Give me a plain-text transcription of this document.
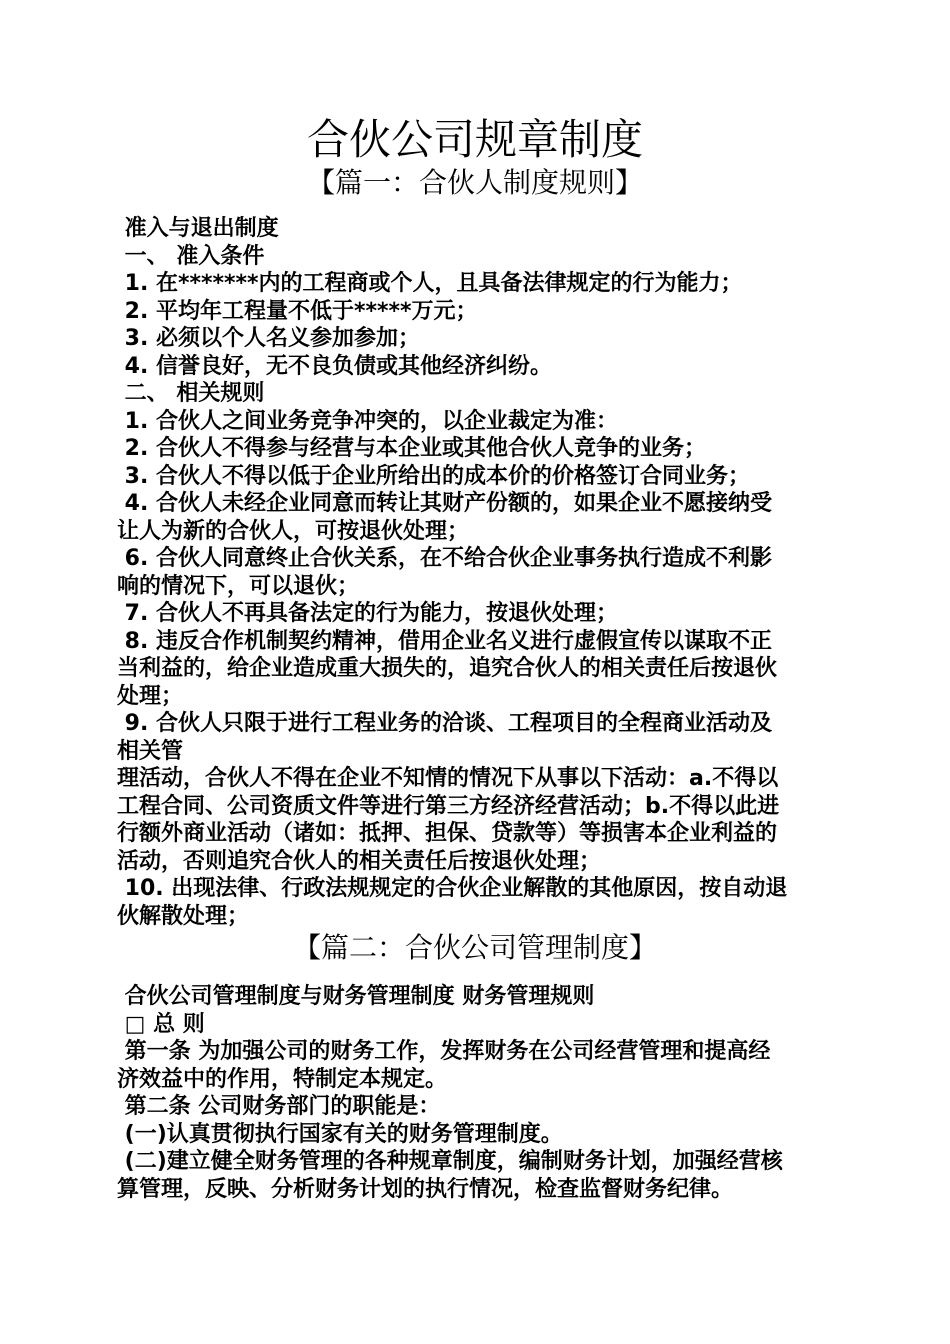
合伙公司规章制度
【篇一：合伙人制度规则】

准入与退出制度

一、 准入条件

1. 在*******内的工程商或个人，且具备法律规定的行为能力；

2. 平均年工程量不低于*****万元；

3. 必须以个人名义参加参加；

4. 信誉良好，无不良负债或其他经济纠纷。

二、 相关规则

1. 合伙人之间业务竞争冲突的，以企业裁定为准：

2. 合伙人不得参与经营与本企业或其他合伙人竞争的业务；

3. 合伙人不得以低于企业所给出的成本价的价格签订合同业务；

4. 合伙人未经企业同意而转让其财产份额的，如果企业不愿接纳受

让人为新的合伙人，可按退伙处理；

6. 合伙人同意终止合伙关系，在不给合伙企业事务执行造成不利影

响的情况下，可以退伙；

7. 合伙人不再具备法定的行为能力，按退伙处理；

8. 违反合作机制契约精神，借用企业名义进行虚假宣传以谋取不正

当利益的，给企业造成重大损失的，追究合伙人的相关责任后按退伙

处理；

9. 合伙人只限于进行工程业务的洽谈、工程项目的全程商业活动及

相关管

理活动，合伙人不得在企业不知情的情况下从事以下活动：a.不得以

工程合同、公司资质文件等进行第三方经济经营活动；b.不得以此进

行额外商业活动（诸如：抵押、担保、贷款等）等损害本企业利益的

活动，否则追究合伙人的相关责任后按退伙处理；

10. 出现法律、行政法规规定的合伙企业解散的其他原因，按自动退

伙解散处理；

【篇二：合伙公司管理制度】

合伙公司管理制度与财务管理制度 财务管理规则

□ 总 则

第一条 为加强公司的财务工作，发挥财务在公司经营管理和提高经

济效益中的作用，特制定本规定。

第二条 公司财务部门的职能是：

(一)认真贯彻执行国家有关的财务管理制度。

(二)建立健全财务管理的各种规章制度，编制财务计划，加强经营核

算管理，反映、分析财务计划的执行情况，检查监督财务纪律。
